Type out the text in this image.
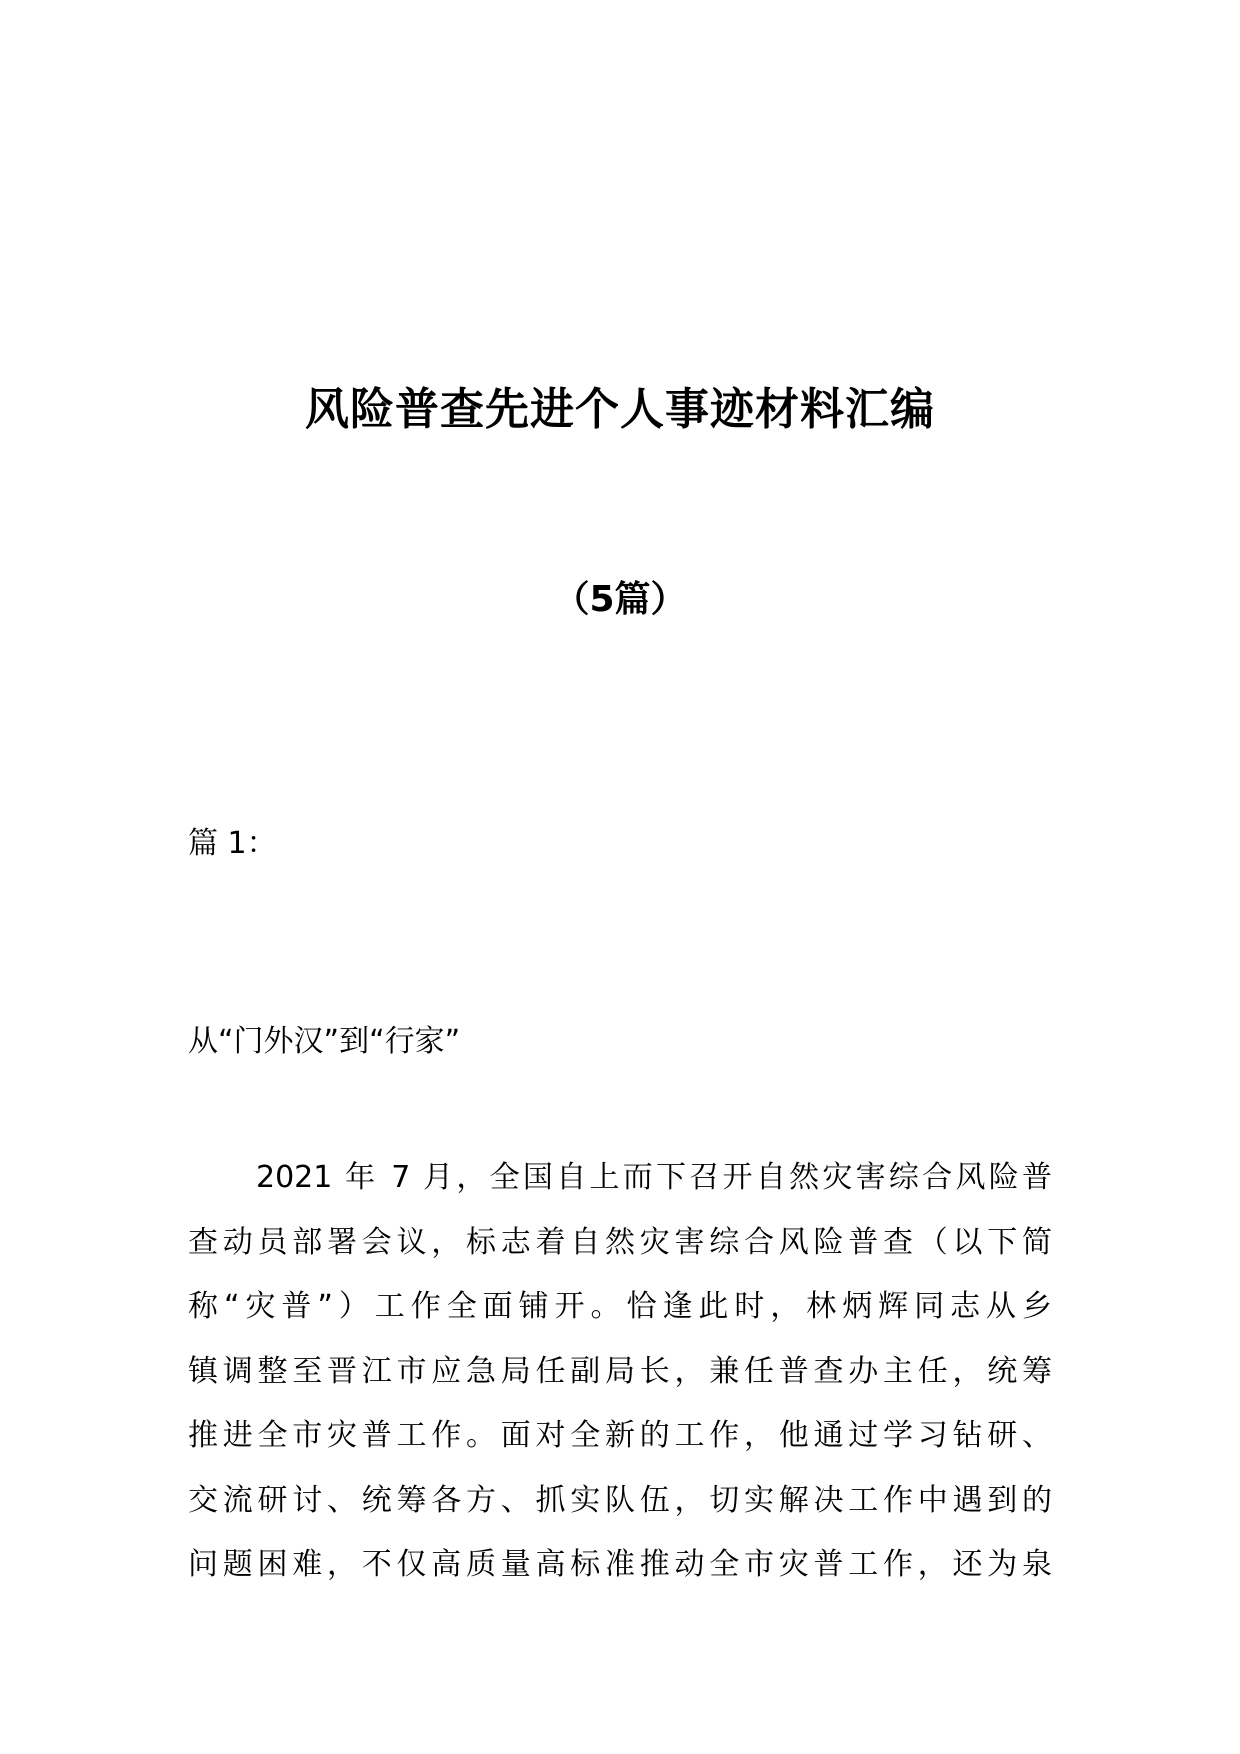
风险普查先进个人事迹材料汇编
（5篇）
篇 1：
从“门外汉”到“行家”

2021 年 7 月，全国自上而下召开自然灾害综合风险普
查动员部署会议，标志着自然灾害综合风险普查（以下简
称“灾普”）工作全面铺开。恰逢此时，林炳辉同志从乡
镇调整至晋江市应急局任副局长，兼任普查办主任，统筹
推进全市灾普工作。面对全新的工作，他通过学习钻研、
交流研讨、统筹各方、抓实队伍，切实解决工作中遇到的
问题困难，不仅高质量高标准推动全市灾普工作，还为泉
